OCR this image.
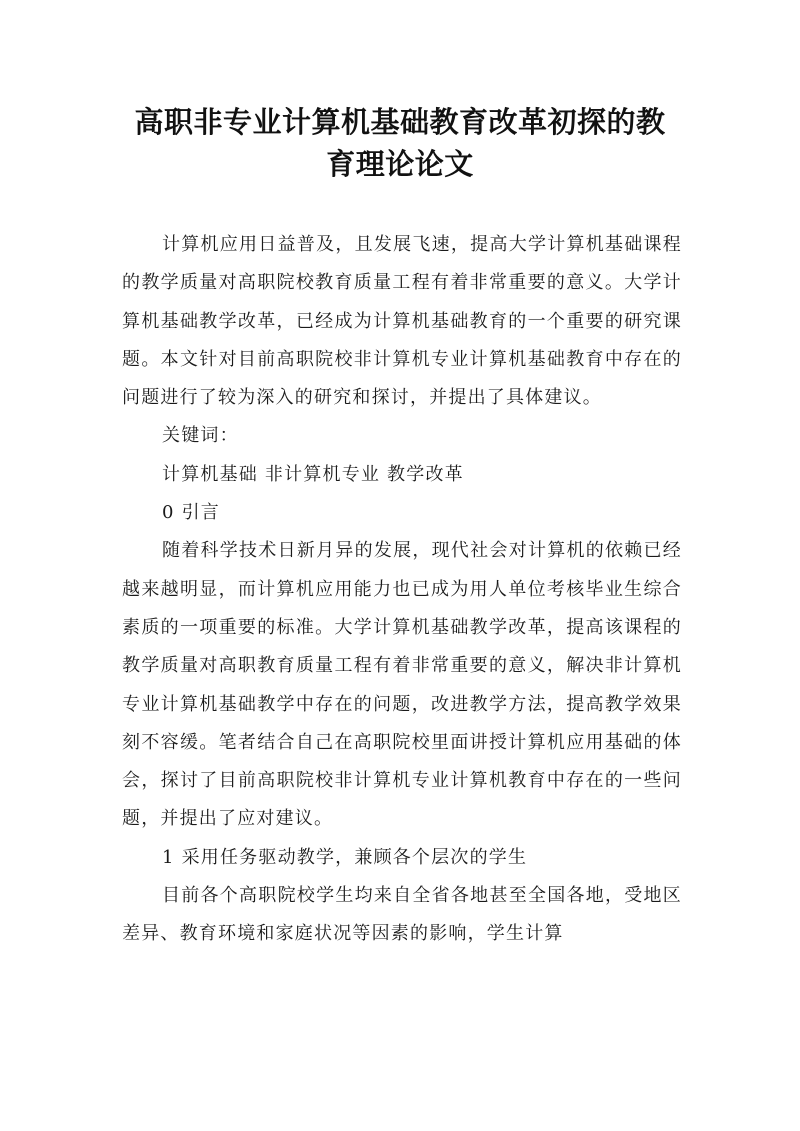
高职非专业计算机基础教育改革初探的教
育理论论文

计算机应用日益普及，且发展飞速，提高大学计算机基础课程的教学质量对高职院校教育质量工程有着非常重要的意义。大学计算机基础教学改革，已经成为计算机基础教育的一个重要的研究课题。本文针对目前高职院校非计算机专业计算机基础教育中存在的问题进行了较为深入的研究和探讨，并提出了具体建议。

关键词：

计算机基础 非计算机专业 教学改革

0 引言

随着科学技术日新月异的发展，现代社会对计算机的依赖已经越来越明显，而计算机应用能力也已成为用人单位考核毕业生综合素质的一项重要的标准。大学计算机基础教学改革，提高该课程的教学质量对高职教育质量工程有着非常重要的意义，解决非计算机专业计算机基础教学中存在的问题，改进教学方法，提高教学效果刻不容缓。笔者结合自己在高职院校里面讲授计算机应用基础的体会，探讨了目前高职院校非计算机专业计算机教育中存在的一些问题，并提出了应对建议。

1 采用任务驱动教学，兼顾各个层次的学生

目前各个高职院校学生均来自全省各地甚至全国各地，受地区差异、教育环境和家庭状况等因素的影响，学生计算
